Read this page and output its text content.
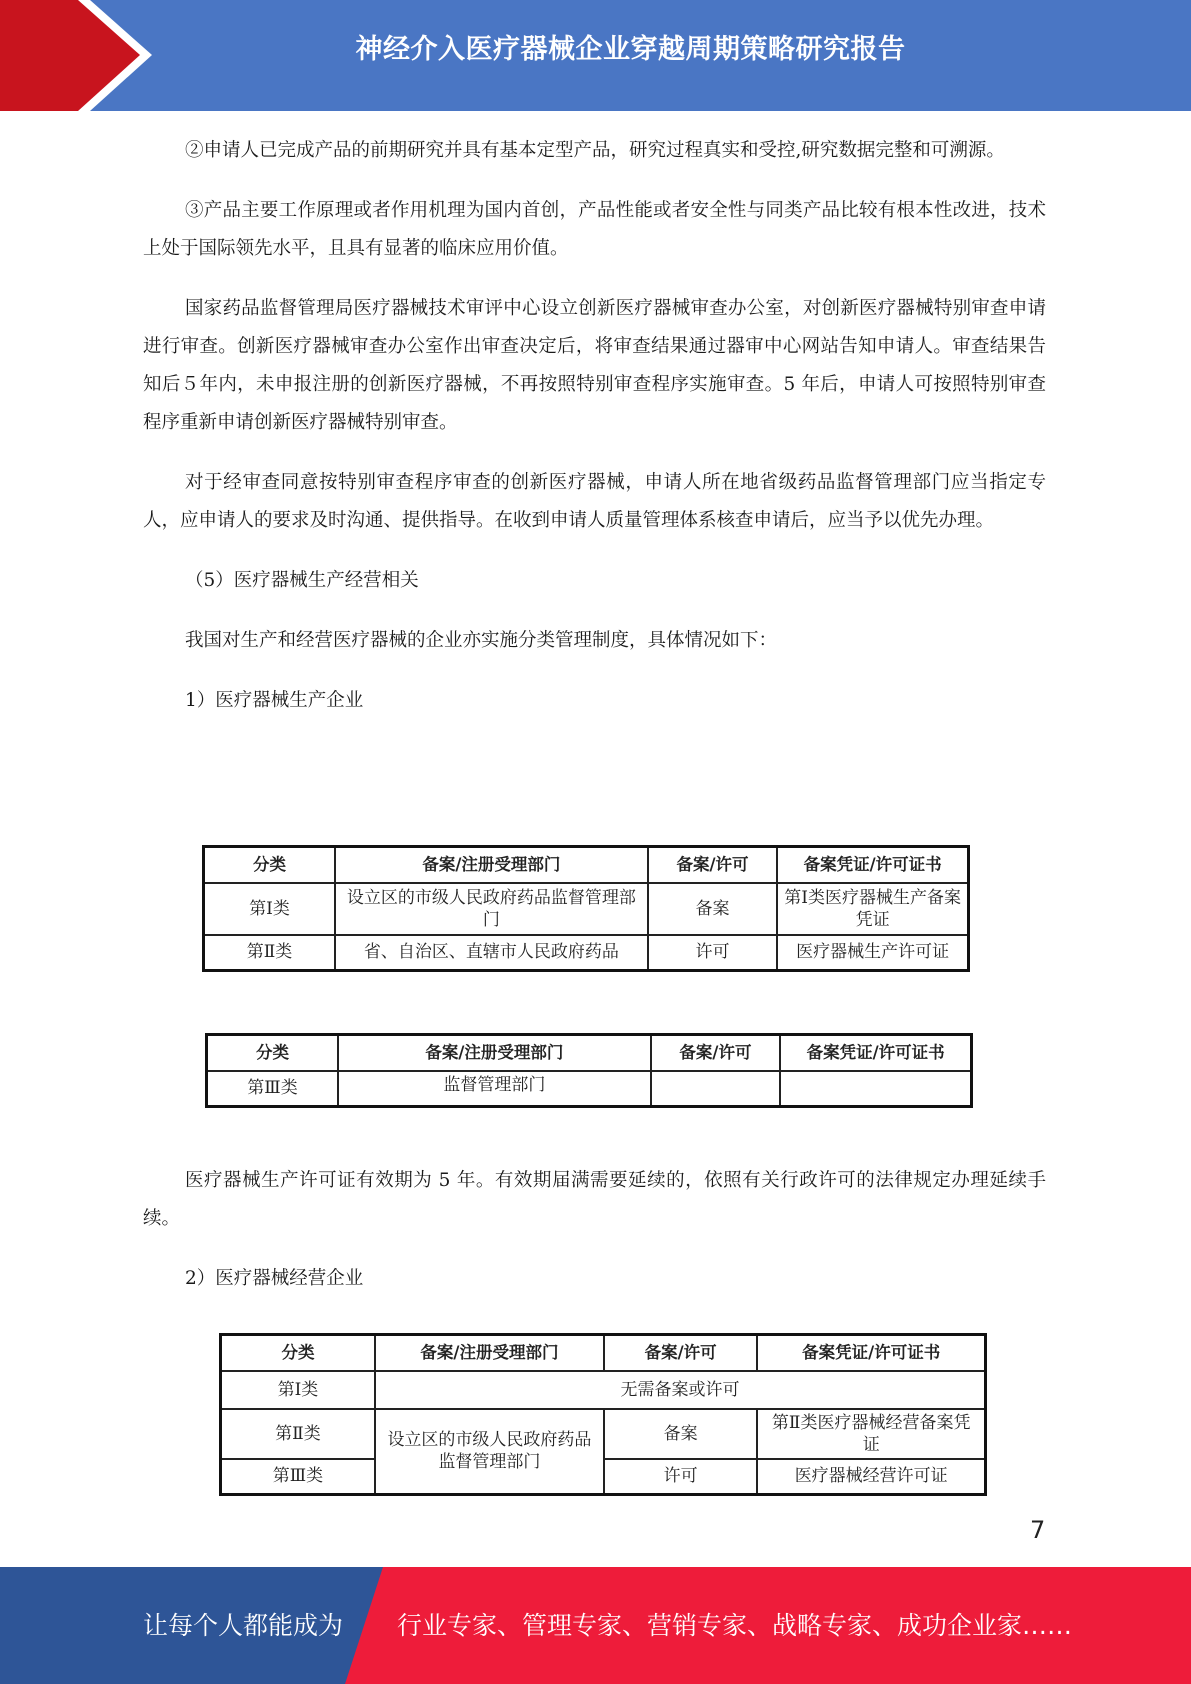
神经介入医疗器械企业穿越周期策略研究报告

②申请人已完成产品的前期研究并具有基本定型产品，研究过程真实和受控,研究数据完整和可溯源。

③产品主要工作原理或者作用机理为国内首创，产品性能或者安全性与同类产品比较有根本性改进，技术上处于国际领先水平，且具有显著的临床应用价值。

国家药品监督管理局医疗器械技术审评中心设立创新医疗器械审查办公室，对创新医疗器械特别审查申请进行审查。创新医疗器械审查办公室作出审查决定后，将审查结果通过器审中心网站告知申请人。审查结果告知后５年内，未申报注册的创新医疗器械，不再按照特别审查程序实施审查。5 年后，申请人可按照特别审查程序重新申请创新医疗器械特别审查。

对于经审查同意按特别审查程序审查的创新医疗器械，申请人所在地省级药品监督管理部门应当指定专人，应申请人的要求及时沟通、提供指导。在收到申请人质量管理体系核查申请后，应当予以优先办理。

（5）医疗器械生产经营相关

我国对生产和经营医疗器械的企业亦实施分类管理制度，具体情况如下：

1）医疗器械生产企业

分类	备案/注册受理部门	备案/许可	备案凭证/许可证书
第Ⅰ类	设立区的市级人民政府药品监督管理部门	备案	第Ⅰ类医疗器械生产备案凭证
第Ⅱ类	省、自治区、直辖市人民政府药品	许可	医疗器械生产许可证
分类	备案/注册受理部门	备案/许可	备案凭证/许可证书
第Ⅲ类	监督管理部门		

医疗器械生产许可证有效期为 5 年。有效期届满需要延续的，依照有关行政许可的法律规定办理延续手续。

2）医疗器械经营企业

分类	备案/注册受理部门	备案/许可	备案凭证/许可证书
第Ⅰ类	无需备案或许可		
第Ⅱ类	设立区的市级人民政府药品监督管理部门	备案	第Ⅱ类医疗器械经营备案凭证
第Ⅲ类		许可	医疗器械经营许可证
7
让每个人都能成为 行业专家、管理专家、营销专家、战略专家、成功企业家……
